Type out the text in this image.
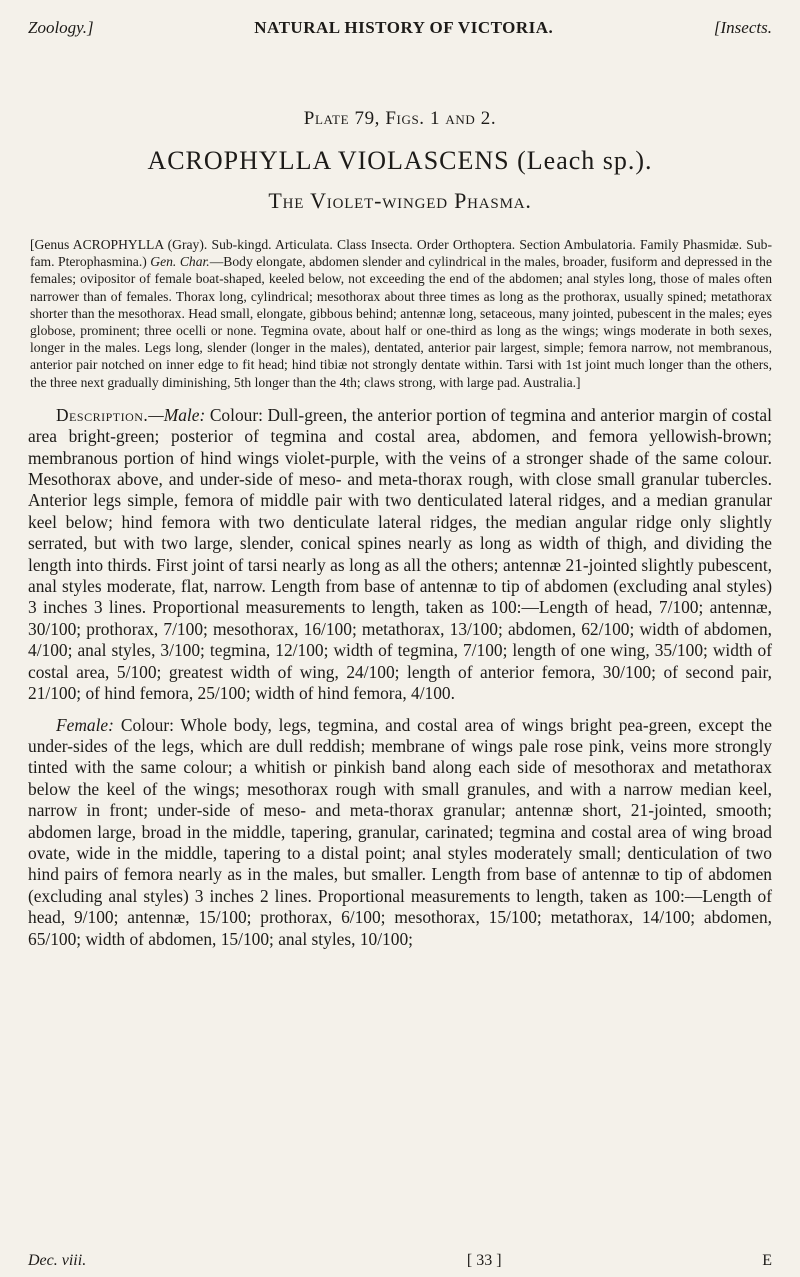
Zoology.]	NATURAL HISTORY OF VICTORIA.	[Insects.
Plate 79, Figs. 1 and 2.
ACROPHYLLA VIOLASCENS (Leach sp.).
The Violet-winged Phasma.
[Genus ACROPHYLLA (Gray). Sub-kingd. Articulata. Class Insecta. Order Orthoptera. Section Ambulatoria. Family Phasmidæ. Sub-fam. Pterophasmina.) Gen. Char.—Body elongate, abdomen slender and cylindrical in the males, broader, fusiform and depressed in the females; ovipositor of female boat-shaped, keeled below, not exceeding the end of the abdomen; anal styles long, those of males often narrower than of females. Thorax long, cylindrical; mesothorax about three times as long as the prothorax, usually spined; metathorax shorter than the mesothorax. Head small, elongate, gibbous behind; antennæ long, setaceous, many jointed, pubescent in the males; eyes globose, prominent; three ocelli or none. Tegmina ovate, about half or one-third as long as the wings; wings moderate in both sexes, longer in the males. Legs long, slender (longer in the males), dentated, anterior pair largest, simple; femora narrow, not membranous, anterior pair notched on inner edge to fit head; hind tibiæ not strongly dentate within. Tarsi with 1st joint much longer than the others, the three next gradually diminishing, 5th longer than the 4th; claws strong, with large pad. Australia.]

Description.—Male: Colour: Dull-green, the anterior portion of tegmina and anterior margin of costal area bright-green; posterior of tegmina and costal area, abdomen, and femora yellowish-brown; membranous portion of hind wings violet-purple, with the veins of a stronger shade of the same colour. Mesothorax above, and under-side of meso- and meta-thorax rough, with close small granular tubercles. Anterior legs simple, femora of middle pair with two denticulated lateral ridges, and a median granular keel below; hind femora with two denticulate lateral ridges, the median angular ridge only slightly serrated, but with two large, slender, conical spines nearly as long as width of thigh, and dividing the length into thirds. First joint of tarsi nearly as long as all the others; antennæ 21-jointed slightly pubescent, anal styles moderate, flat, narrow. Length from base of antennæ to tip of abdomen (excluding anal styles) 3 inches 3 lines. Proportional measurements to length, taken as 100:—Length of head, 7/100; antennæ, 30/100; prothorax, 7/100; mesothorax, 16/100; metathorax, 13/100; abdomen, 62/100; width of abdomen, 4/100; anal styles, 3/100; tegmina, 12/100; width of tegmina, 7/100; length of one wing, 35/100; width of costal area, 5/100; greatest width of wing, 24/100; length of anterior femora, 30/100; of second pair, 21/100; of hind femora, 25/100; width of hind femora, 4/100.

Female: Colour: Whole body, legs, tegmina, and costal area of wings bright pea-green, except the under-sides of the legs, which are dull reddish; membrane of wings pale rose pink, veins more strongly tinted with the same colour; a whitish or pinkish band along each side of mesothorax and metathorax below the keel of the wings; mesothorax rough with small granules, and with a narrow median keel, narrow in front; under-side of meso- and meta-thorax granular; antennæ short, 21-jointed, smooth; abdomen large, broad in the middle, tapering, granular, carinated; tegmina and costal area of wing broad ovate, wide in the middle, tapering to a distal point; anal styles moderately small; denticulation of two hind pairs of femora nearly as in the males, but smaller. Length from base of antennæ to tip of abdomen (excluding anal styles) 3 inches 2 lines. Proportional measurements to length, taken as 100:—Length of head, 9/100; antennæ, 15/100; prothorax, 6/100; mesothorax, 15/100; metathorax, 14/100; abdomen, 65/100; width of abdomen, 15/100; anal styles, 10/100;

Dec. viii.	[ 33 ]	E
